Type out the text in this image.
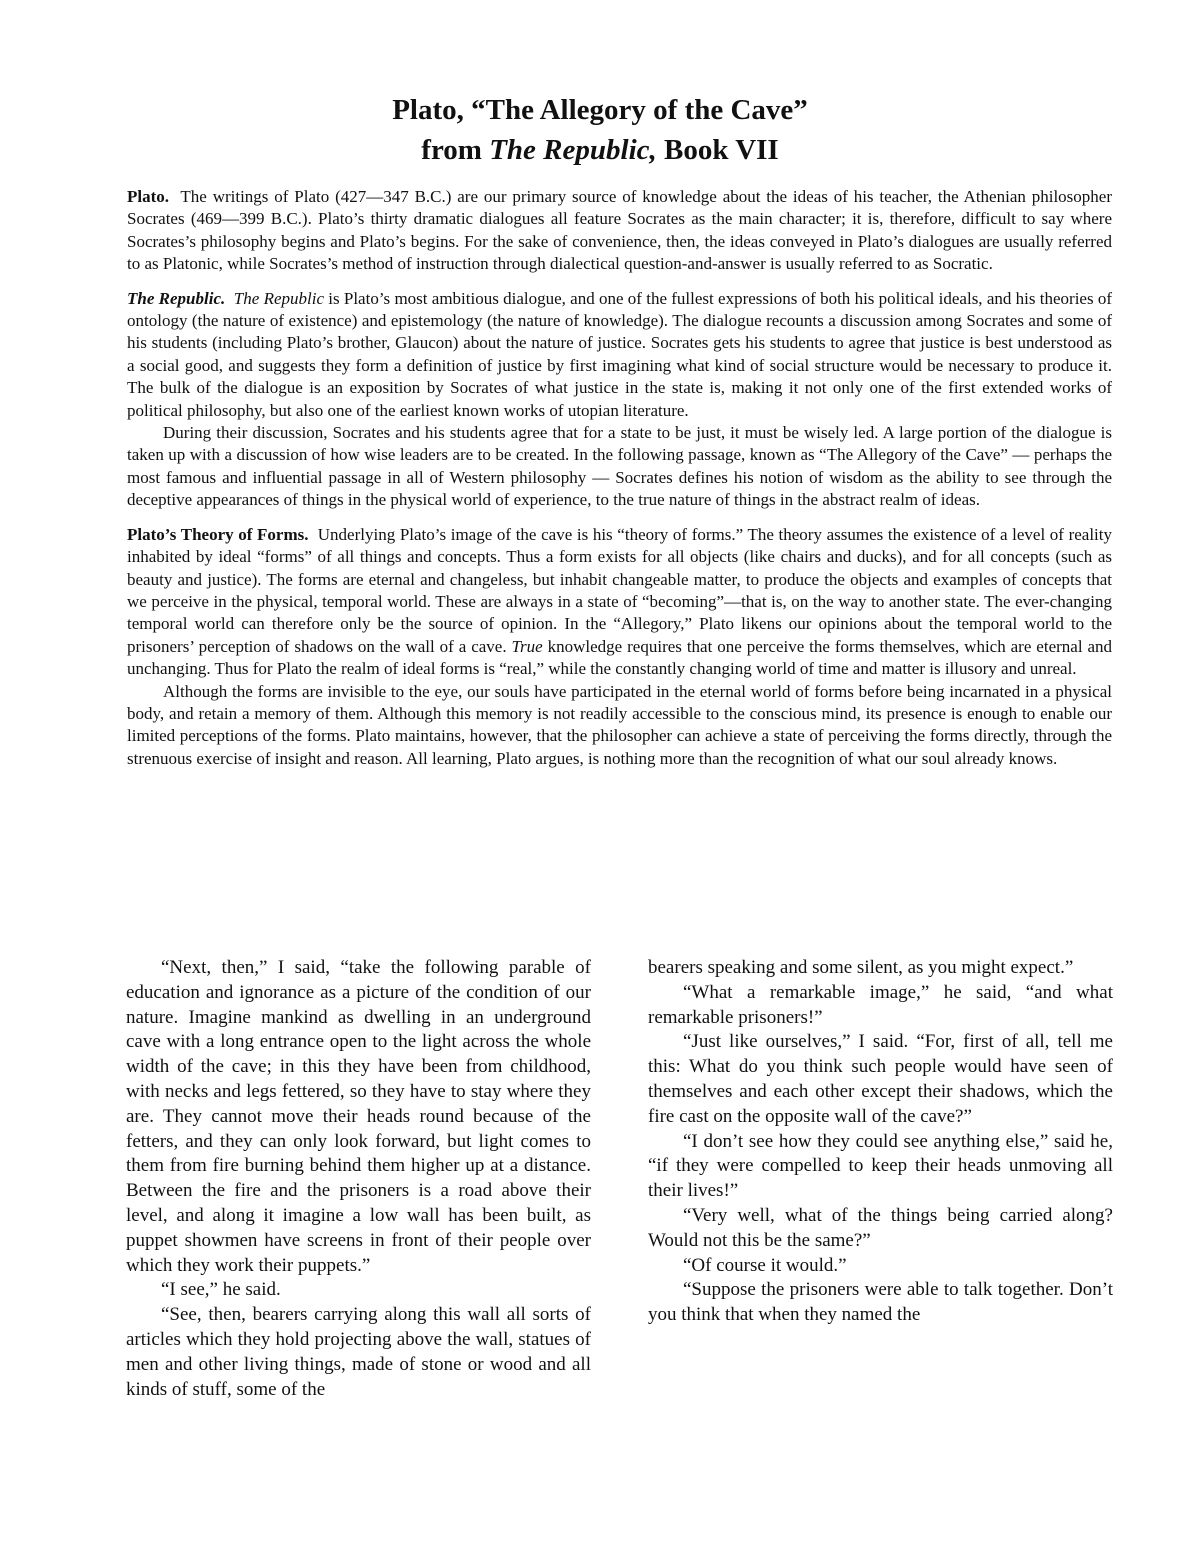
Plato, “The Allegory of the Cave”
from The Republic, Book VII

Plato. The writings of Plato (427—347 B.C.) are our primary source of knowledge about the ideas of his teacher, the Athenian philosopher Socrates (469—399 B.C.). Plato’s thirty dramatic dialogues all feature Socrates as the main character; it is, therefore, difficult to say where Socrates’s philosophy begins and Plato’s begins. For the sake of convenience, then, the ideas conveyed in Plato’s dialogues are usually referred to as Platonic, while Socrates’s method of instruction through dialectical question-and-answer is usually referred to as Socratic.

The Republic. The Republic is Plato’s most ambitious dialogue, and one of the fullest expressions of both his political ideals, and his theories of ontology (the nature of existence) and epistemology (the nature of knowledge). The dialogue recounts a discussion among Socrates and some of his students (including Plato’s brother, Glaucon) about the nature of justice. Socrates gets his students to agree that justice is best understood as a social good, and suggests they form a definition of justice by first imagining what kind of social structure would be necessary to produce it. The bulk of the dialogue is an exposition by Socrates of what justice in the state is, making it not only one of the first extended works of political philosophy, but also one of the earliest known works of utopian literature.

During their discussion, Socrates and his students agree that for a state to be just, it must be wisely led. A large portion of the dialogue is taken up with a discussion of how wise leaders are to be created. In the following passage, known as “The Allegory of the Cave” — perhaps the most famous and influential passage in all of Western philosophy — Socrates defines his notion of wisdom as the ability to see through the deceptive appearances of things in the physical world of experience, to the true nature of things in the abstract realm of ideas.

Plato’s Theory of Forms. Underlying Plato’s image of the cave is his “theory of forms.” The theory assumes the existence of a level of reality inhabited by ideal “forms” of all things and concepts. Thus a form exists for all objects (like chairs and ducks), and for all concepts (such as beauty and justice). The forms are eternal and changeless, but inhabit changeable matter, to produce the objects and examples of concepts that we perceive in the physical, temporal world. These are always in a state of “becoming”—that is, on the way to another state. The ever-changing temporal world can therefore only be the source of opinion. In the “Allegory,” Plato likens our opinions about the temporal world to the prisoners’ perception of shadows on the wall of a cave. True knowledge requires that one perceive the forms themselves, which are eternal and unchanging. Thus for Plato the realm of ideal forms is “real,” while the constantly changing world of time and matter is illusory and unreal.

Although the forms are invisible to the eye, our souls have participated in the eternal world of forms before being incarnated in a physical body, and retain a memory of them. Although this memory is not readily accessible to the conscious mind, its presence is enough to enable our limited perceptions of the forms. Plato maintains, however, that the philosopher can achieve a state of perceiving the forms directly, through the strenuous exercise of insight and reason. All learning, Plato argues, is nothing more than the recognition of what our soul already knows.

“Next, then,” I said, “take the following parable of education and ignorance as a picture of the condition of our nature. Imagine mankind as dwelling in an underground cave with a long entrance open to the light across the whole width of the cave; in this they have been from childhood, with necks and legs fettered, so they have to stay where they are. They cannot move their heads round because of the fetters, and they can only look forward, but light comes to them from fire burning behind them higher up at a distance. Between the fire and the prisoners is a road above their level, and along it imagine a low wall has been built, as puppet showmen have screens in front of their people over which they work their puppets.”

“I see,” he said.

“See, then, bearers carrying along this wall all sorts of articles which they hold projecting above the wall, statues of men and other living things, made of stone or wood and all kinds of stuff, some of the

bearers speaking and some silent, as you might expect.”

“What a remarkable image,” he said, “and what remarkable prisoners!”

“Just like ourselves,” I said. “For, first of all, tell me this: What do you think such people would have seen of themselves and each other except their shadows, which the fire cast on the opposite wall of the cave?”

“I don’t see how they could see anything else,” said he, “if they were compelled to keep their heads unmoving all their lives!”

“Very well, what of the things being carried along? Would not this be the same?”

“Of course it would.”

“Suppose the prisoners were able to talk together. Don’t you think that when they named the
